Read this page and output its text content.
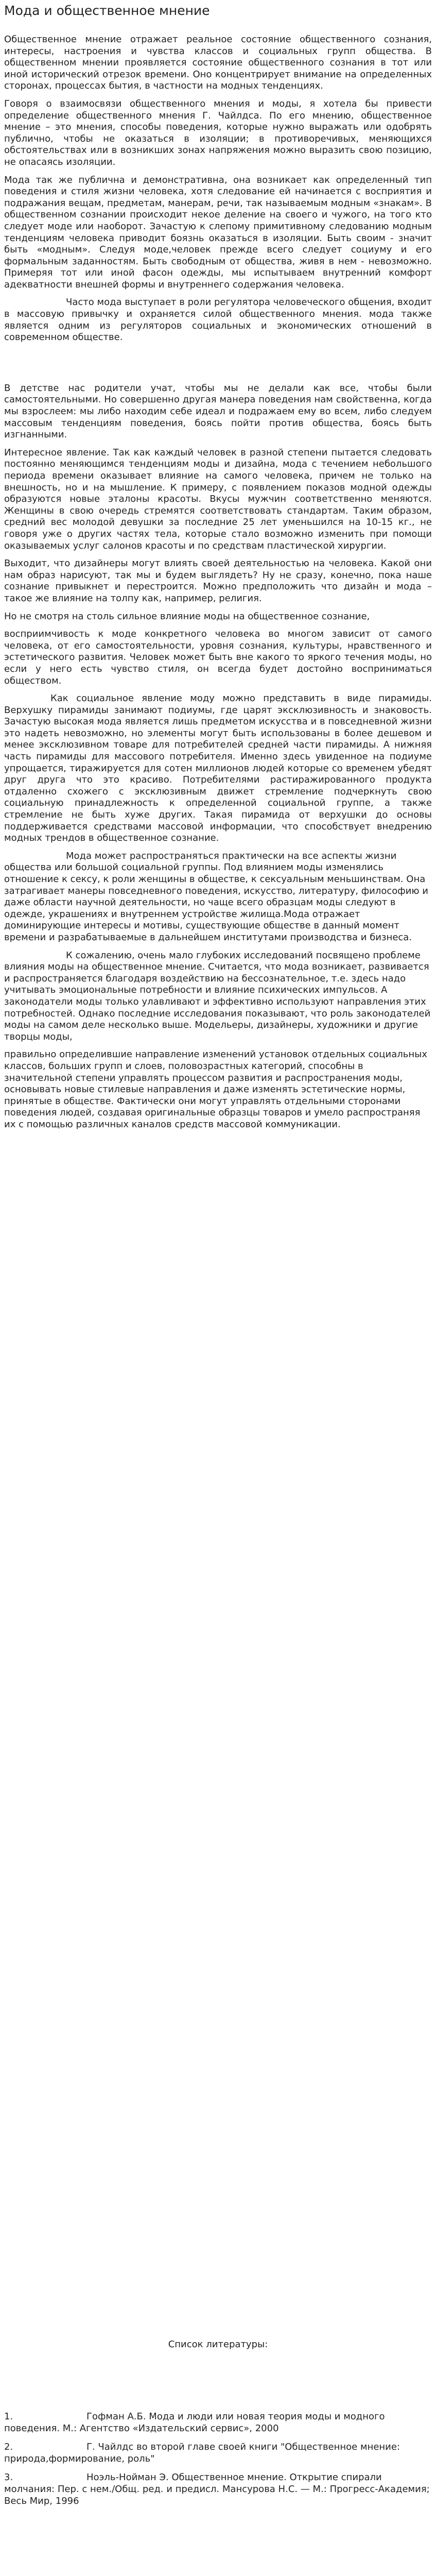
Мода и общественное мнение

Общественное мнение отражает реальное состояние общественного сознания, интересы, настроения и чувства классов и социальных групп общества. В общественном мнении проявляется состояние общественного сознания в тот или иной исторический отрезок времени. Оно концентрирует внимание на определенных сторонах, процессах бытия, в частности на модных тенденциях.

Говоря о взаимосвязи общественного мнения и моды, я хотела бы привести определение общественного мнения Г. Чайлдса. По его мнению, общественное мнение – это мнения, способы поведения, которые нужно выражать или одобрять публично, чтобы не оказаться в изоляции; в противоречивых, меняющихся обстоятельствах или в возникших зонах напряжения можно выразить свою позицию, не опасаясь изоляции.

Мода так же публична и демонстративна, она возникает как определенный тип поведения и стиля жизни человека, хотя следование ей начинается с восприятия и подражания вещам, предметам, манерам, речи, так называемым модным «знакам». В общественном сознании происходит некое деление на своего и чужого, на того кто следует моде или наоборот. Зачастую к слепому примитивному следованию модным тенденциям человека приводит боязнь оказаться в изоляции. Быть своим - значит быть «модным». Следуя моде,человек прежде всего следует социуму и его формальным заданностям. Быть свободным от общества, живя в нем - невозможно. Примеряя тот или иной фасон одежды, мы испытываем внутренний комфорт адекватности внешней формы и внутреннего содержания человека.

Часто мода выступает в роли регулятора человеческого общения, входит в массовую привычку и охраняется силой общественного мнения. мода также является одним из регуляторов социальных и экономических отношений в современном обществе.

В детстве нас родители учат, чтобы мы не делали как все, чтобы были самостоятельными. Но совершенно другая манера поведения нам свойственна, когда мы взрослеем: мы либо находим себе идеал и подражаем ему во всем, либо следуем массовым тенденциям поведения, боясь пойти против общества, боясь быть изгнанными.

Интересное явление. Так как каждый человек в разной степени пытается следовать постоянно меняющимся тенденциям моды и дизайна, мода с течением небольшого периода времени оказывает влияние на самого человека, причем не только на внешность, но и на мышление. К примеру, с появлением показов модной одежды образуются новые эталоны красоты. Вкусы мужчин соответственно меняются. Женщины в свою очередь стремятся соответствовать стандартам. Таким образом, средний вес молодой девушки за последние 25 лет уменьшился на 10-15 кг., не говоря уже о других частях тела, которые стало возможно изменить при помощи оказываемых услуг салонов красоты и по средствам пластической хирургии.

Выходит, что дизайнеры могут влиять своей деятельностью на человека. Какой они нам образ нарисуют, так мы и будем выглядеть? Ну не сразу, конечно, пока наше сознание привыкнет и перестроится. Можно предположить что дизайн и мода – такое же влияние на толпу как, например, религия.

Но не смотря на столь сильное влияние моды на общественное сознание,

восприимчивость к моде конкретного человека во многом зависит от самого человека, от его самостоятельности, уровня сознания, культуры, нравственного и эстетического развития. Человек может быть вне какого то яркого течения моды, но если у него есть чувство стиля, он всегда будет достойно восприниматься обществом.

Как социальное явление моду можно представить в виде пирамиды. Верхушку пирамиды занимают подиумы, где царят эксклюзивность и знаковость. Зачастую высокая мода является лишь предметом искусства и в повседневной жизни это надеть невозможно, но элементы могут быть использованы в более дешевом и менее эксклюзивном товаре для потребителей средней части пирамиды. А нижняя часть пирамиды для массового потребителя. Именно здесь увиденное на подиуме упрощается, тиражируется для сотен миллионов людей которые со временем убедят друг друга что это красиво. Потребителями растиражированного продукта отдаленно схожего с эксклюзивным движет стремление подчеркнуть свою социальную принадлежность к определенной социальной группе, а также стремление не быть хуже других. Такая пирамида от верхушки до основы поддерживается средствами массовой информации, что способствует внедрению модных трендов в общественное сознание.

Мода может распространяться практически на все аспекты жизни общества или большой социальной группы. Под влиянием моды изменялись отношение к сексу, к роли женщины в обществе, к сексуальным меньшинствам. Она затрагивает манеры повседневного поведения, искусство, литературу, философию и даже области научной деятельности, но чаще всего образцам моды следуют в одежде, украшениях и внутреннем устройстве жилища.Мода отражает доминирующие интересы и мотивы, существующие обществе в данный момент времени и разрабатываемые в дальнейшем институтами производства и бизнеса.

К сожалению, очень мало глубоких исследований посвящено проблеме влияния моды на общественное мнение. Считается, что мода возникает, развивается и распространяется благодаря воздействию на бессознательное, т.е. здесь надо учитывать эмоциональные потребности и влияние психических импульсов. А законодатели моды только улавливают и эффективно используют направления этих потребностей. Однако последние исследования показывают, что роль законодателей моды на самом деле несколько выше. Модельеры, дизайнеры, художники и другие творцы моды,

правильно определившие направление изменений установок отдельных социальных классов, больших групп и слоев, половозрастных категорий, способны в значительной степени управлять процессом развития и распространения моды, основывать новые стилевые направления и даже изменять эстетические нормы, принятые в обществе. Фактически они могут управлять отдельными сторонами поведения людей, создавая оригинальные образцы товаров и умело распространяя их с помощью различных каналов средств массовой коммуникации.

Список литературы:

1.	Гофман А.Б. Мода и люди или новая теория моды и модного поведения. М.: Агентство «Издательский сервис», 2000

2.	Г. Чайлдс во второй главе своей книги "Общественное мнение: природа,формирование, роль"

3.	Ноэль-Нойман Э. Общественное мнение. Открытие спирали молчания: Пер. с нем./Общ. ред. и предисл. Мансурова Н.С. — М.: Прогресс-Академия; Весь Мир, 1996
